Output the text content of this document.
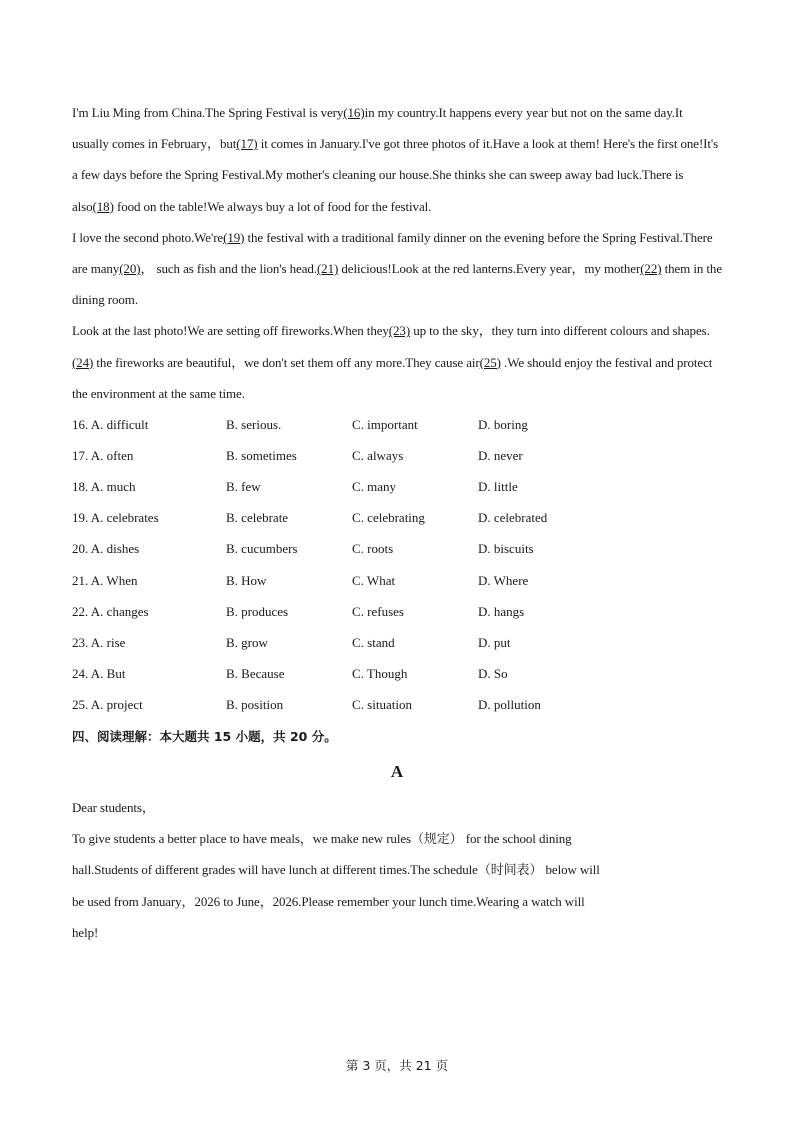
I'm Liu Ming from China.The Spring Festival is very(16)in my country.It happens every year but not on the same day.It usually comes in February，but(17) it comes in January.I've got three photos of it.Have a look at them! Here's the first one!It's a few days before the Spring Festival.My mother's cleaning our house.She thinks she can sweep away bad luck.There is also(18) food on the table!We always buy a lot of food for the festival.

I love the second photo.We're(19) the festival with a traditional family dinner on the evening before the Spring Festival.There are many(20)， such as fish and the lion's head.(21) delicious!Look at the red lanterns.Every year，my mother(22) them in the dining room.

Look at the last photo!We are setting off fireworks.When they(23) up to the sky，they turn into different colours and shapes.(24) the fireworks are beautiful，we don't set them off any more.They cause air(25) .We should enjoy the festival and protect the environment at the same time.

16. A. difficult	B. serious.	C. important	D. boring
17. A. often	B. sometimes	C. always	D. never
18. A. much	B. few	C. many	D. little
19. A. celebrates	B. celebrate	C. celebrating	D. celebrated
20. A. dishes	B. cucumbers	C. roots	D. biscuits
21. A. When	B. How	C. What	D. Where
22. A. changes	B. produces	C. refuses	D. hangs
23. A. rise	B. grow	C. stand	D. put
24. A. But	B. Because	C. Though	D. So
25. A. project	B. position	C. situation	D. pollution

四、阅读理解：本大题共 15 小题，共 20 分。

A

Dear students，

To give students a better place to have meals，we make new rules（规定） for the school dining hall.Students of different grades will have lunch at different times.The schedule（时间表） below will be used from January，2026 to June，2026.Please remember your lunch time.Wearing a watch will help!

第 3 页，共 21 页
